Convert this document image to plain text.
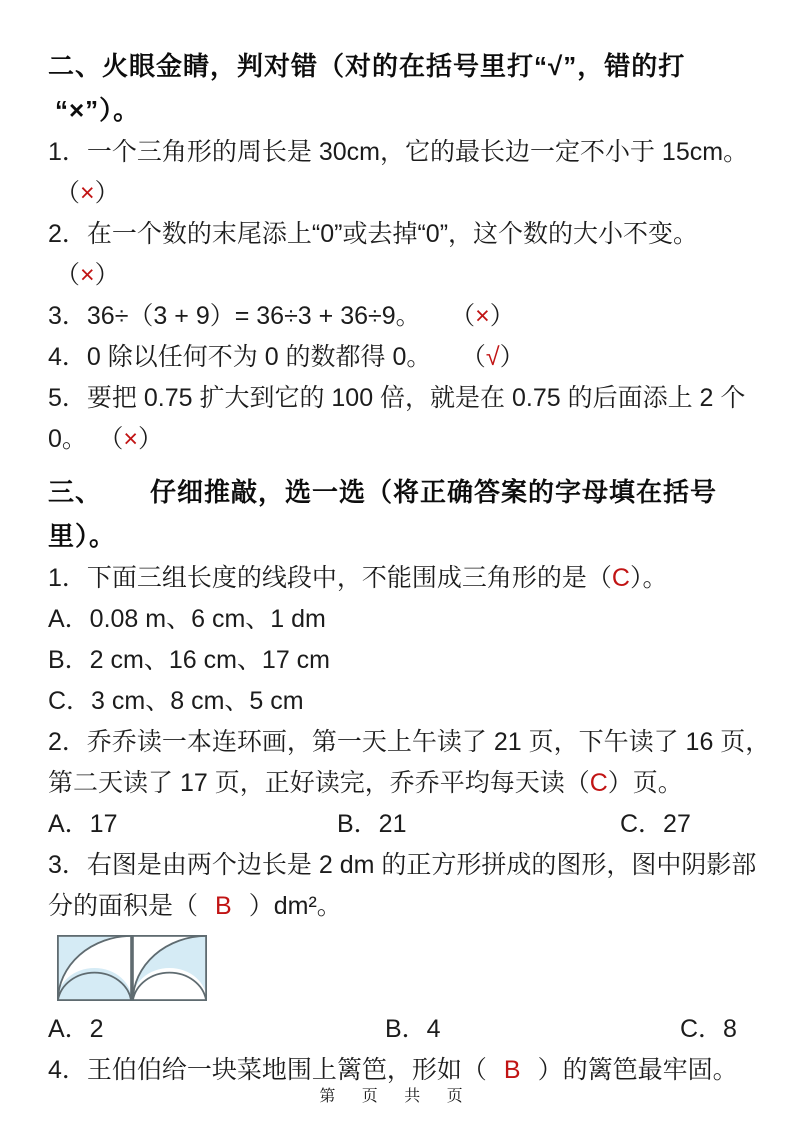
二、火眼金睛，判对错（对的在括号里打“√”，错的打
“×”）。
1．一个三角形的周长是 30cm，它的最长边一定不小于 15cm。
（×）
2．在一个数的末尾添上“0”或去掉“0”，这个数的大小不变。
（×）
3．36÷（3 + 9）= 36÷3 + 36÷9。 （×）
4．0 除以任何不为 0 的数都得 0。 （√）
5．要把 0.75 扩大到它的 100 倍，就是在 0.75 的后面添上 2 个
0。 （×）
三、 仔细推敲，选一选（将正确答案的字母填在括号里）。
1．下面三组长度的线段中，不能围成三角形的是（C）。
A．0.08 m、6 cm、1 dm
B．2 cm、16 cm、17 cm
C．3 cm、8 cm、5 cm
2．乔乔读一本连环画，第一天上午读了 21 页，下午读了 16 页，
第二天读了 17 页，正好读完，乔乔平均每天读（C）页。
A．17	B．21	C．27
3．右图是由两个边长是 2 dm 的正方形拼成的图形，图中阴影部
分的面积是（ B ）dm²。
A．2	B．4	C．8
4．王伯伯给一块菜地围上篱笆，形如（ B ）的篱笆最牢固。
第 页 共 页
